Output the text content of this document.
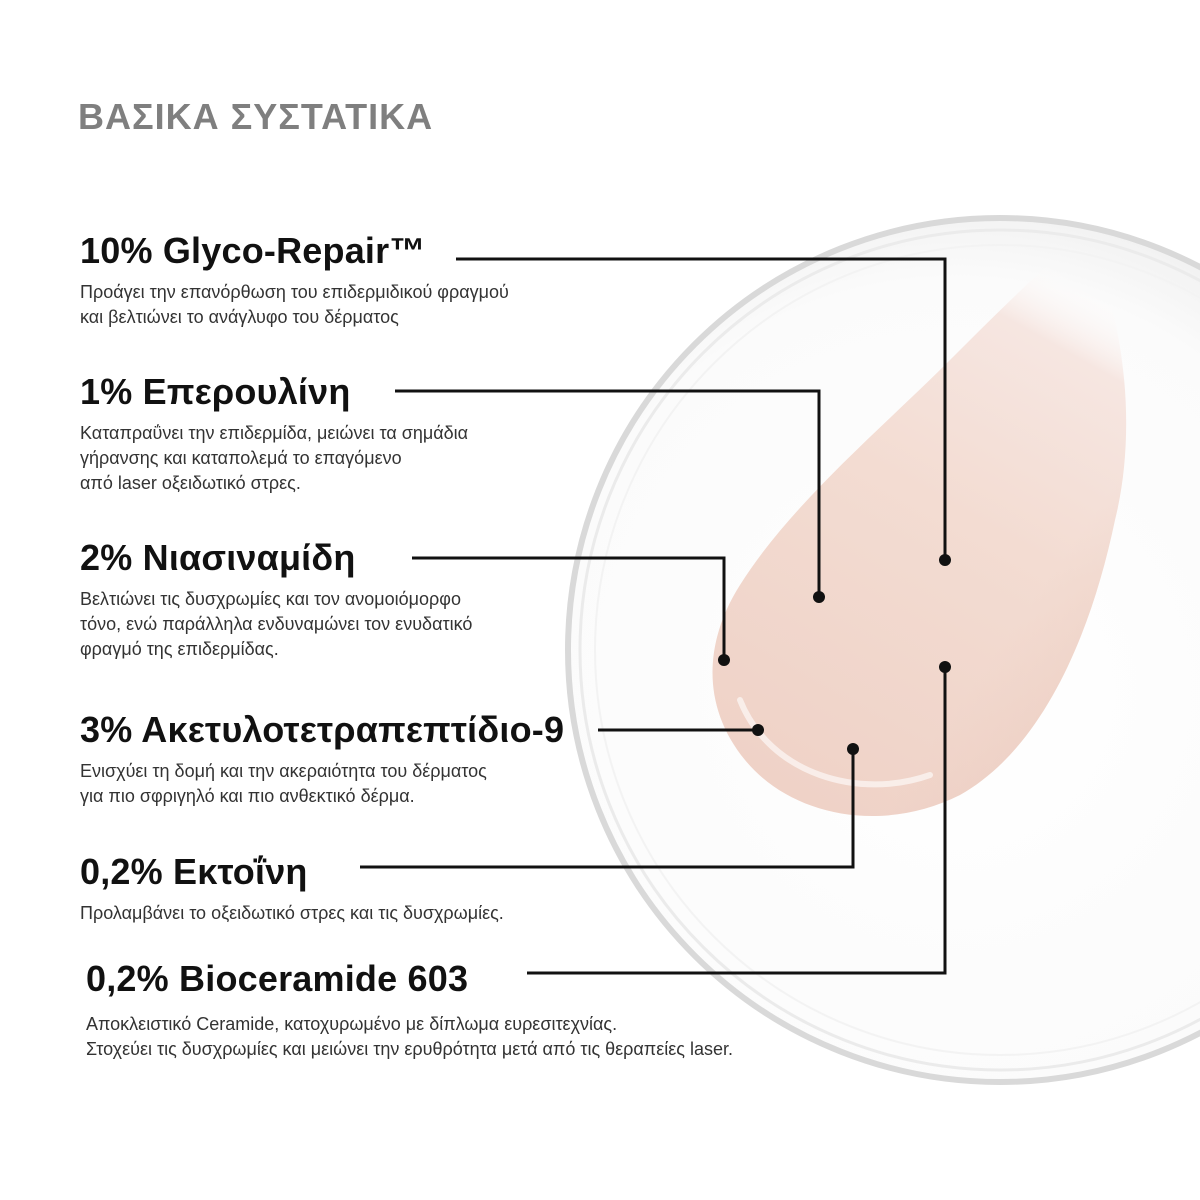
ΒΑΣΙΚΑ ΣΥΣΤΑΤΙΚΑ
10% Glyco-Repair™
Προάγει την επανόρθωση του επιδερμιδικού φραγμού
και βελτιώνει το ανάγλυφο του δέρματος
1% Επερουλίνη
Καταπραΰνει την επιδερμίδα, μειώνει τα σημάδια
γήρανσης και καταπολεμά το επαγόμενο
από laser οξειδωτικό στρες.
2% Νιασιναμίδη
Βελτιώνει τις δυσχρωμίες και τον ανομοιόμορφο
τόνο, ενώ παράλληλα ενδυναμώνει τον ενυδατικό
φραγμό της επιδερμίδας.
3% Ακετυλοτετραπεπτίδιο-9
Ενισχύει τη δομή και την ακεραιότητα του δέρματος
για πιο σφριγηλό και πιο ανθεκτικό δέρμα.
0,2% Εκτοΐνη
Προλαμβάνει το οξειδωτικό στρες και τις δυσχρωμίες.
0,2% Bioceramide 603
Αποκλειστικό Ceramide, κατοχυρωμένο με δίπλωμα ευρεσιτεχνίας.
Στοχεύει τις δυσχρωμίες και μειώνει την ερυθρότητα μετά από τις θεραπείες laser.
